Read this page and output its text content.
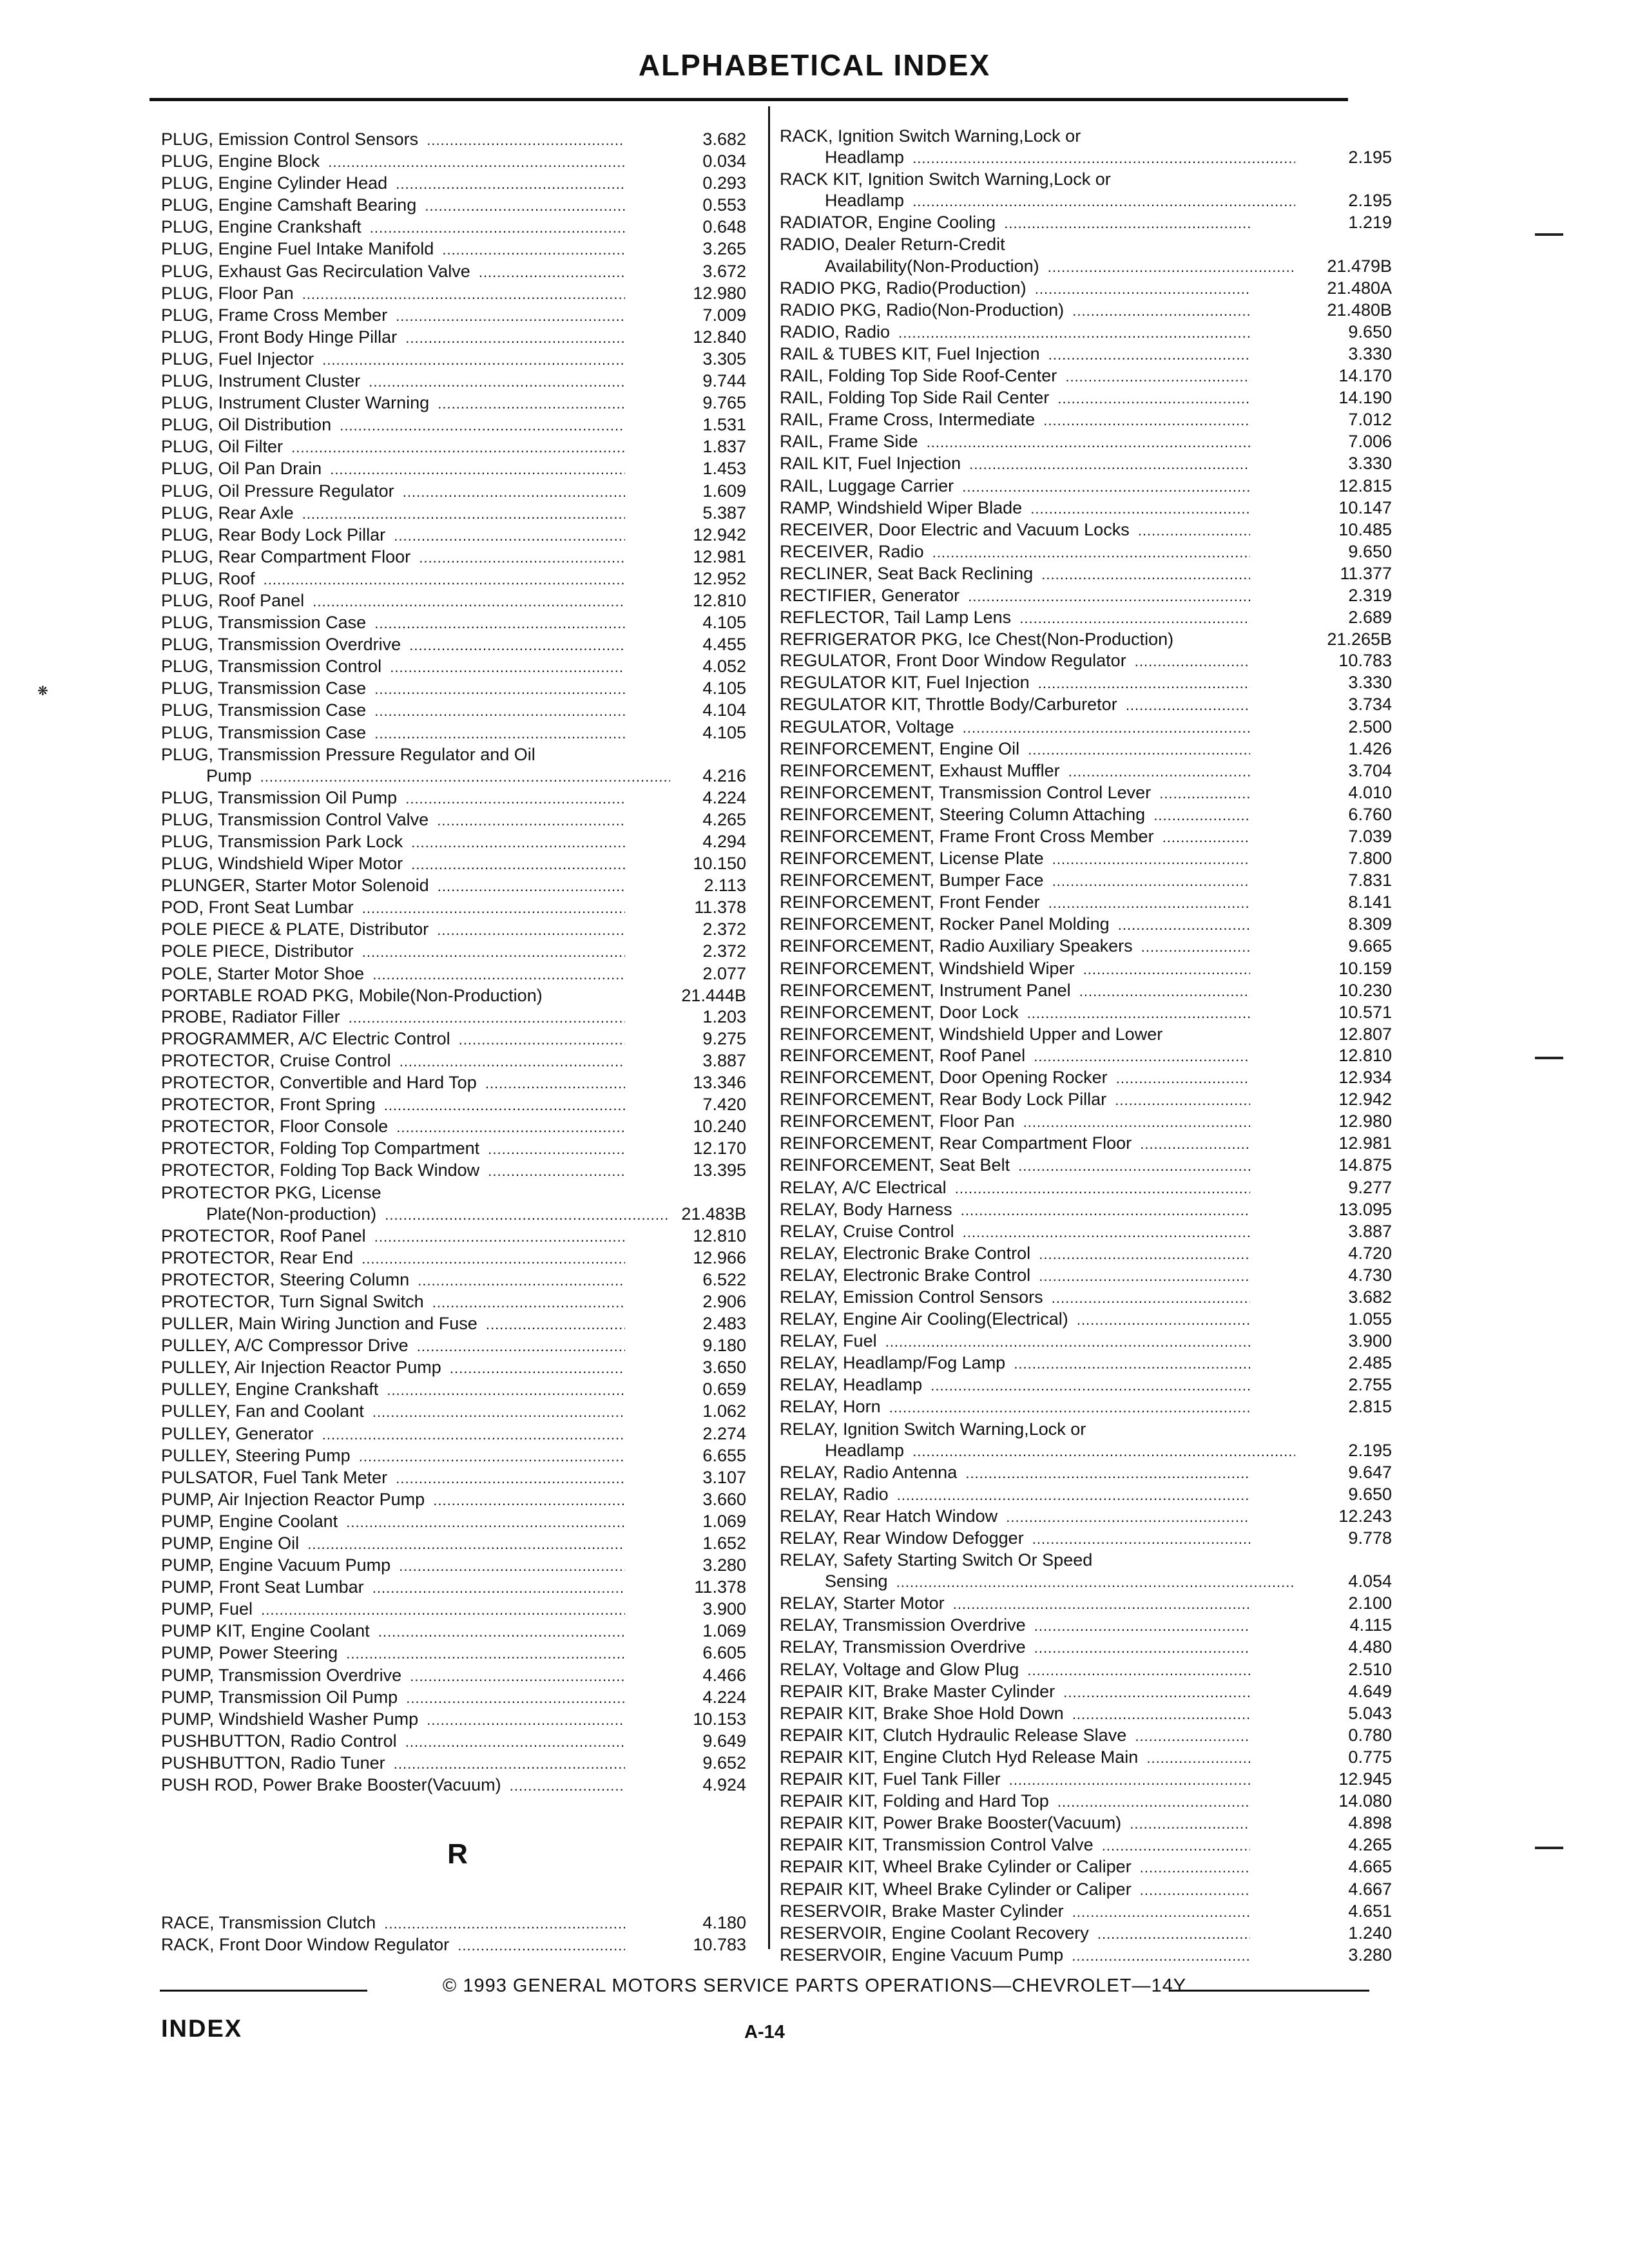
ALPHABETICAL INDEX
❋
PLUG, Emission Control Sensors .....	3.682
PLUG, Engine Block .....	0.034
PLUG, Engine Cylinder Head .....	0.293
PLUG, Engine Camshaft Bearing .....	0.553
PLUG, Engine Crankshaft .....	0.648
PLUG, Engine Fuel Intake Manifold .....	3.265
PLUG, Exhaust Gas Recirculation Valve .....	3.672
PLUG, Floor Pan .....	12.980
PLUG, Frame Cross Member .....	7.009
PLUG, Front Body Hinge Pillar .....	12.840
PLUG, Fuel Injector .....	3.305
PLUG, Instrument Cluster .....	9.744
PLUG, Instrument Cluster Warning .....	9.765
PLUG, Oil Distribution .....	1.531
PLUG, Oil Filter .....	1.837
PLUG, Oil Pan Drain .....	1.453
PLUG, Oil Pressure Regulator .....	1.609
PLUG, Rear Axle .....	5.387
PLUG, Rear Body Lock Pillar .....	12.942
PLUG, Rear Compartment Floor .....	12.981
PLUG, Roof .....	12.952
PLUG, Roof Panel .....	12.810
PLUG, Transmission Case .....	4.105
PLUG, Transmission Overdrive .....	4.455
PLUG, Transmission Control .....	4.052
PLUG, Transmission Case .....	4.105
PLUG, Transmission Case .....	4.104
PLUG, Transmission Case .....	4.105
PLUG, Transmission Pressure Regulator and Oil
Pump .....	4.216
PLUG, Transmission Oil Pump .....	4.224
PLUG, Transmission Control Valve .....	4.265
PLUG, Transmission Park Lock .....	4.294
PLUG, Windshield Wiper Motor .....	10.150
PLUNGER, Starter Motor Solenoid .....	2.113
POD, Front Seat Lumbar .....	11.378
POLE PIECE & PLATE, Distributor .....	2.372
POLE PIECE, Distributor .....	2.372
POLE, Starter Motor Shoe .....	2.077
PORTABLE ROAD PKG, Mobile(Non-Production)	21.444B
PROBE, Radiator Filler .....	1.203
PROGRAMMER, A/C Electric Control .....	9.275
PROTECTOR, Cruise Control .....	3.887
PROTECTOR, Convertible and Hard Top .....	13.346
PROTECTOR, Front Spring .....	7.420
PROTECTOR, Floor Console .....	10.240
PROTECTOR, Folding Top Compartment .....	12.170
PROTECTOR, Folding Top Back Window .....	13.395
PROTECTOR PKG, License
Plate(Non-production) .....	21.483B
PROTECTOR, Roof Panel .....	12.810
PROTECTOR, Rear End .....	12.966
PROTECTOR, Steering Column .....	6.522
PROTECTOR, Turn Signal Switch .....	2.906
PULLER, Main Wiring Junction and Fuse .....	2.483
PULLEY, A/C Compressor Drive .....	9.180
PULLEY, Air Injection Reactor Pump .....	3.650
PULLEY, Engine Crankshaft .....	0.659
PULLEY, Fan and Coolant .....	1.062
PULLEY, Generator .....	2.274
PULLEY, Steering Pump .....	6.655
PULSATOR, Fuel Tank Meter .....	3.107
PUMP, Air Injection Reactor Pump .....	3.660
PUMP, Engine Coolant .....	1.069
PUMP, Engine Oil .....	1.652
PUMP, Engine Vacuum Pump .....	3.280
PUMP, Front Seat Lumbar .....	11.378
PUMP, Fuel .....	3.900
PUMP KIT, Engine Coolant .....	1.069
PUMP, Power Steering .....	6.605
PUMP, Transmission Overdrive .....	4.466
PUMP, Transmission Oil Pump .....	4.224
PUMP, Windshield Washer Pump .....	10.153
PUSHBUTTON, Radio Control .....	9.649
PUSHBUTTON, Radio Tuner .....	9.652
PUSH ROD, Power Brake Booster(Vacuum) .....	4.924
R
RACE, Transmission Clutch .....	4.180
RACK, Front Door Window Regulator .....	10.783
RACK, Ignition Switch Warning,Lock or
Headlamp .....	2.195
RACK KIT, Ignition Switch Warning,Lock or
Headlamp .....	2.195
RADIATOR, Engine Cooling .....	1.219
RADIO, Dealer Return-Credit
Availability(Non-Production) .....	21.479B
RADIO PKG, Radio(Production) .....	21.480A
RADIO PKG, Radio(Non-Production) .....	21.480B
RADIO, Radio .....	9.650
RAIL & TUBES KIT, Fuel Injection .....	3.330
RAIL, Folding Top Side Roof-Center .....	14.170
RAIL, Folding Top Side Rail Center .....	14.190
RAIL, Frame Cross, Intermediate .....	7.012
RAIL, Frame Side .....	7.006
RAIL KIT, Fuel Injection .....	3.330
RAIL, Luggage Carrier .....	12.815
RAMP, Windshield Wiper Blade .....	10.147
RECEIVER, Door Electric and Vacuum Locks .....	10.485
RECEIVER, Radio .....	9.650
RECLINER, Seat Back Reclining .....	11.377
RECTIFIER, Generator .....	2.319
REFLECTOR, Tail Lamp Lens .....	2.689
REFRIGERATOR PKG, Ice Chest(Non-Production)	21.265B
REGULATOR, Front Door Window Regulator .....	10.783
REGULATOR KIT, Fuel Injection .....	3.330
REGULATOR KIT, Throttle Body/Carburetor .....	3.734
REGULATOR, Voltage .....	2.500
REINFORCEMENT, Engine Oil .....	1.426
REINFORCEMENT, Exhaust Muffler .....	3.704
REINFORCEMENT, Transmission Control Lever .....	4.010
REINFORCEMENT, Steering Column Attaching .....	6.760
REINFORCEMENT, Frame Front Cross Member .....	7.039
REINFORCEMENT, License Plate .....	7.800
REINFORCEMENT, Bumper Face .....	7.831
REINFORCEMENT, Front Fender .....	8.141
REINFORCEMENT, Rocker Panel Molding .....	8.309
REINFORCEMENT, Radio Auxiliary Speakers .....	9.665
REINFORCEMENT, Windshield Wiper .....	10.159
REINFORCEMENT, Instrument Panel .....	10.230
REINFORCEMENT, Door Lock .....	10.571
REINFORCEMENT, Windshield Upper and Lower	12.807
REINFORCEMENT, Roof Panel .....	12.810
REINFORCEMENT, Door Opening Rocker .....	12.934
REINFORCEMENT, Rear Body Lock Pillar .....	12.942
REINFORCEMENT, Floor Pan .....	12.980
REINFORCEMENT, Rear Compartment Floor .....	12.981
REINFORCEMENT, Seat Belt .....	14.875
RELAY, A/C Electrical .....	9.277
RELAY, Body Harness .....	13.095
RELAY, Cruise Control .....	3.887
RELAY, Electronic Brake Control .....	4.720
RELAY, Electronic Brake Control .....	4.730
RELAY, Emission Control Sensors .....	3.682
RELAY, Engine Air Cooling(Electrical) .....	1.055
RELAY, Fuel .....	3.900
RELAY, Headlamp/Fog Lamp .....	2.485
RELAY, Headlamp .....	2.755
RELAY, Horn .....	2.815
RELAY, Ignition Switch Warning,Lock or
Headlamp .....	2.195
RELAY, Radio Antenna .....	9.647
RELAY, Radio .....	9.650
RELAY, Rear Hatch Window .....	12.243
RELAY, Rear Window Defogger .....	9.778
RELAY, Safety Starting Switch Or Speed
Sensing .....	4.054
RELAY, Starter Motor .....	2.100
RELAY, Transmission Overdrive .....	4.115
RELAY, Transmission Overdrive .....	4.480
RELAY, Voltage and Glow Plug .....	2.510
REPAIR KIT, Brake Master Cylinder .....	4.649
REPAIR KIT, Brake Shoe Hold Down .....	5.043
REPAIR KIT, Clutch Hydraulic Release Slave .....	0.780
REPAIR KIT, Engine Clutch Hyd Release Main .....	0.775
REPAIR KIT, Fuel Tank Filler .....	12.945
REPAIR KIT, Folding and Hard Top .....	14.080
REPAIR KIT, Power Brake Booster(Vacuum) .....	4.898
REPAIR KIT, Transmission Control Valve .....	4.265
REPAIR KIT, Wheel Brake Cylinder or Caliper .....	4.665
REPAIR KIT, Wheel Brake Cylinder or Caliper .....	4.667
RESERVOIR, Brake Master Cylinder .....	4.651
RESERVOIR, Engine Coolant Recovery .....	1.240
RESERVOIR, Engine Vacuum Pump .....	3.280
© 1993 GENERAL MOTORS SERVICE PARTS OPERATIONS—CHEVROLET—14Y
INDEX	A-14
